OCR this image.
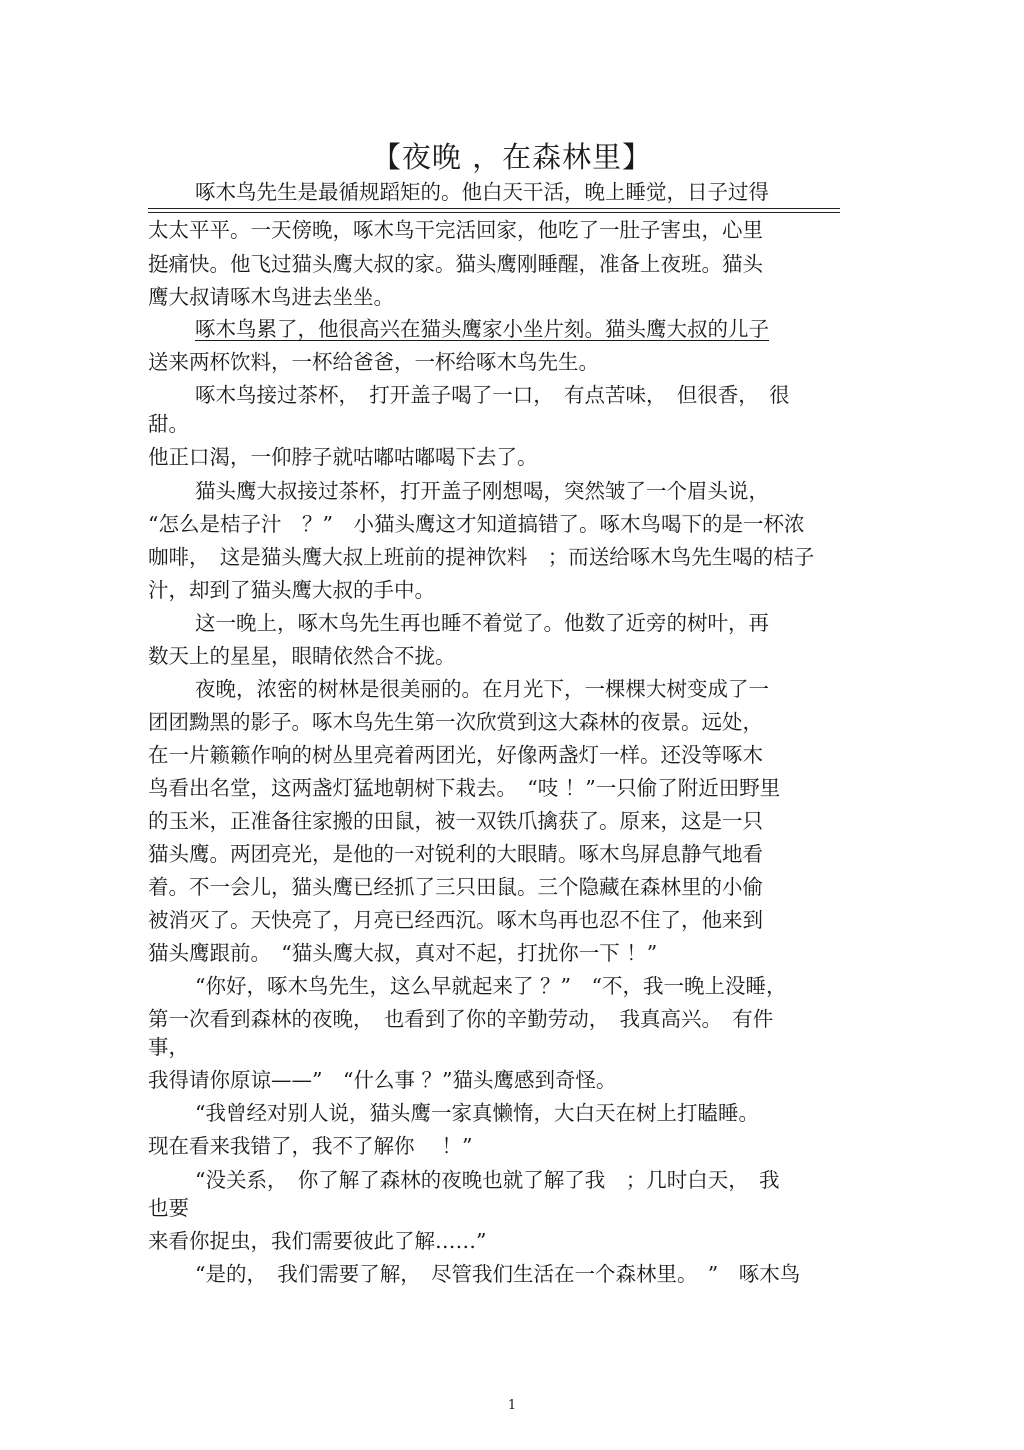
【夜晚 ，在森林里】
啄木鸟先生是最循规蹈矩的。他白天干活，晚上睡觉，日子过得
太太平平。一天傍晚，啄木鸟干完活回家，他吃了一肚子害虫，心里
挺痛快。他飞过猫头鹰大叔的家。猫头鹰刚睡醒，准备上夜班。猫头
鹰大叔请啄木鸟进去坐坐。
啄木鸟累了，他很高兴在猫头鹰家小坐片刻。猫头鹰大叔的儿子
送来两杯饮料，一杯给爸爸，一杯给啄木鸟先生。
啄木鸟接过茶杯，　打开盖子喝了一口，　有点苦味，　但很香，　很
甜。
他正口渴，一仰脖子就咕嘟咕嘟喝下去了。
猫头鹰大叔接过茶杯，打开盖子刚想喝，突然皱了一个眉头说，
“怎么是桔子汁　？”　小猫头鹰这才知道搞错了。啄木鸟喝下的是一杯浓
咖啡，　这是猫头鹰大叔上班前的提神饮料　；而送给啄木鸟先生喝的桔子
汁，却到了猫头鹰大叔的手中。
这一晚上，啄木鸟先生再也睡不着觉了。他数了近旁的树叶，再
数天上的星星，眼睛依然合不拢。
夜晚，浓密的树林是很美丽的。在月光下，一棵棵大树变成了一
团团黝黑的影子。啄木鸟先生第一次欣赏到这大森林的夜景。远处，
在一片籁籁作响的树丛里亮着两团光，好像两盏灯一样。还没等啄木
鸟看出名堂，这两盏灯猛地朝树下栽去。　“吱 ！”一只偷了附近田野里
的玉米，正准备往家搬的田鼠，被一双铁爪擒获了。原来，这是一只
猫头鹰。两团亮光，是他的一对锐利的大眼睛。啄木鸟屏息静气地看
着。不一会儿，猫头鹰已经抓了三只田鼠。三个隐藏在森林里的小偷
被消灭了。天快亮了，月亮已经西沉。啄木鸟再也忍不住了，他来到
猫头鹰跟前。　“猫头鹰大叔，真对不起，打扰你一下 ！”
“你好，啄木鸟先生，这么早就起来了 ？”　“不，我一晚上没睡，
第一次看到森林的夜晚，　也看到了你的辛勤劳动，　我真高兴。　有件
事，
我得请你原谅——”　“什么事 ？”猫头鹰感到奇怪。
“我曾经对别人说，猫头鹰一家真懒惰，大白天在树上打瞌睡。
现在看来我错了，我不了解你　 ！”
“没关系，　你了解了森林的夜晚也就了解了我　；几时白天，　我
也要
来看你捉虫，我们需要彼此了解……”
“是的，　我们需要了解，　尽管我们生活在一个森林里。　”　啄木鸟
1
